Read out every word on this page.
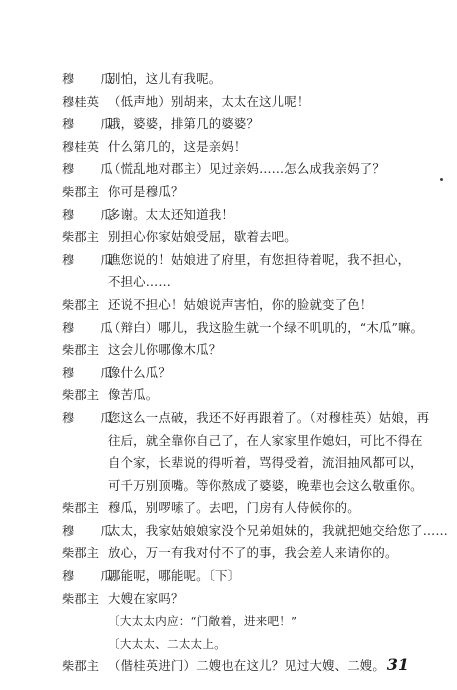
穆　瓜
别怕，这儿有我呢。
穆桂英 （低声地）别胡来，太太在这儿呢！
穆　瓜
哦，婆婆，排第几的婆婆？
穆桂英 什么第几的，这是亲妈！
穆　瓜
（慌乱地对郡主）见过亲妈……怎么成我亲妈了？
柴郡主 你可是穆瓜？
穆　瓜
多谢。太太还知道我！
柴郡主 别担心你家姑娘受屈，歇着去吧。
穆　瓜
瞧您说的！姑娘进了府里，有您担待着呢，我不担心，
不担心……
柴郡主 还说不担心！姑娘说声害怕，你的脸就变了色！
穆　瓜
（辩白）哪儿，我这脸生就一个绿不叽叽的，“木瓜”嘛。
柴郡主 这会儿你哪像木瓜？
穆　瓜
像什么瓜？
柴郡主 像苦瓜。
穆　瓜
您这么一点破，我还不好再跟着了。（对穆桂英）姑娘，再
往后，就全靠你自己了，在人家家里作媳妇，可比不得在
自个家，长辈说的得听着，骂得受着，流泪抽风都可以，
可千万别顶嘴。等你熬成了婆婆，晚辈也会这么敬重你。
柴郡主 穆瓜，别啰嗦了。去吧，门房有人侍候你的。
穆　瓜
太太，我家姑娘娘家没个兄弟姐妹的，我就把她交给您了……
柴郡主 放心，万一有我对付不了的事，我会差人来请你的。
穆　瓜
哪能呢，哪能呢。〔下〕
柴郡主 大嫂在家吗？
〔大太太内应：“门敞着，进来吧！”
〔大太太、二太太上。
柴郡主 （偕桂英进门）二嫂也在这儿？见过大嫂、二嫂。 31
